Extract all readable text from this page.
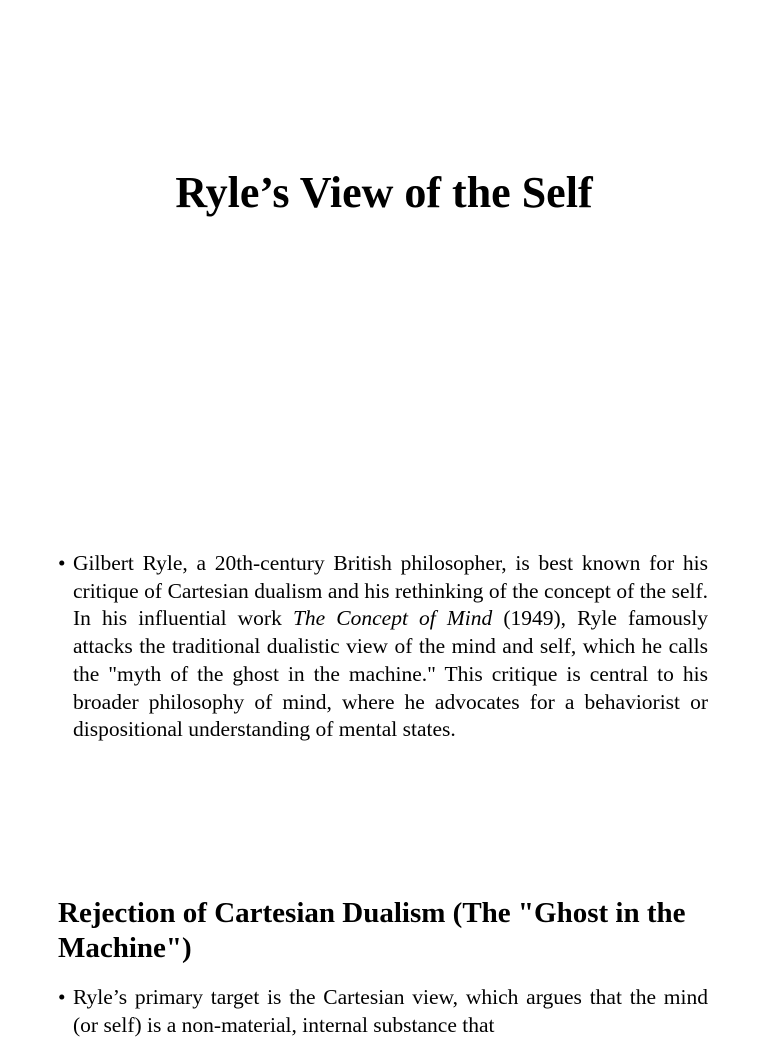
Ryle’s View of the Self

• Gilbert Ryle, a 20th-century British philosopher, is best known for his critique of Cartesian dualism and his rethinking of the concept of the self. In his influential work The Concept of Mind (1949), Ryle famously attacks the traditional dualistic view of the mind and self, which he calls the "myth of the ghost in the machine." This critique is central to his broader philosophy of mind, where he advocates for a behaviorist or dispositional understanding of mental states.

Rejection of Cartesian Dualism (The "Ghost in the Machine")

• Ryle’s primary target is the Cartesian view, which argues that the mind (or self) is a non-material, internal substance that
